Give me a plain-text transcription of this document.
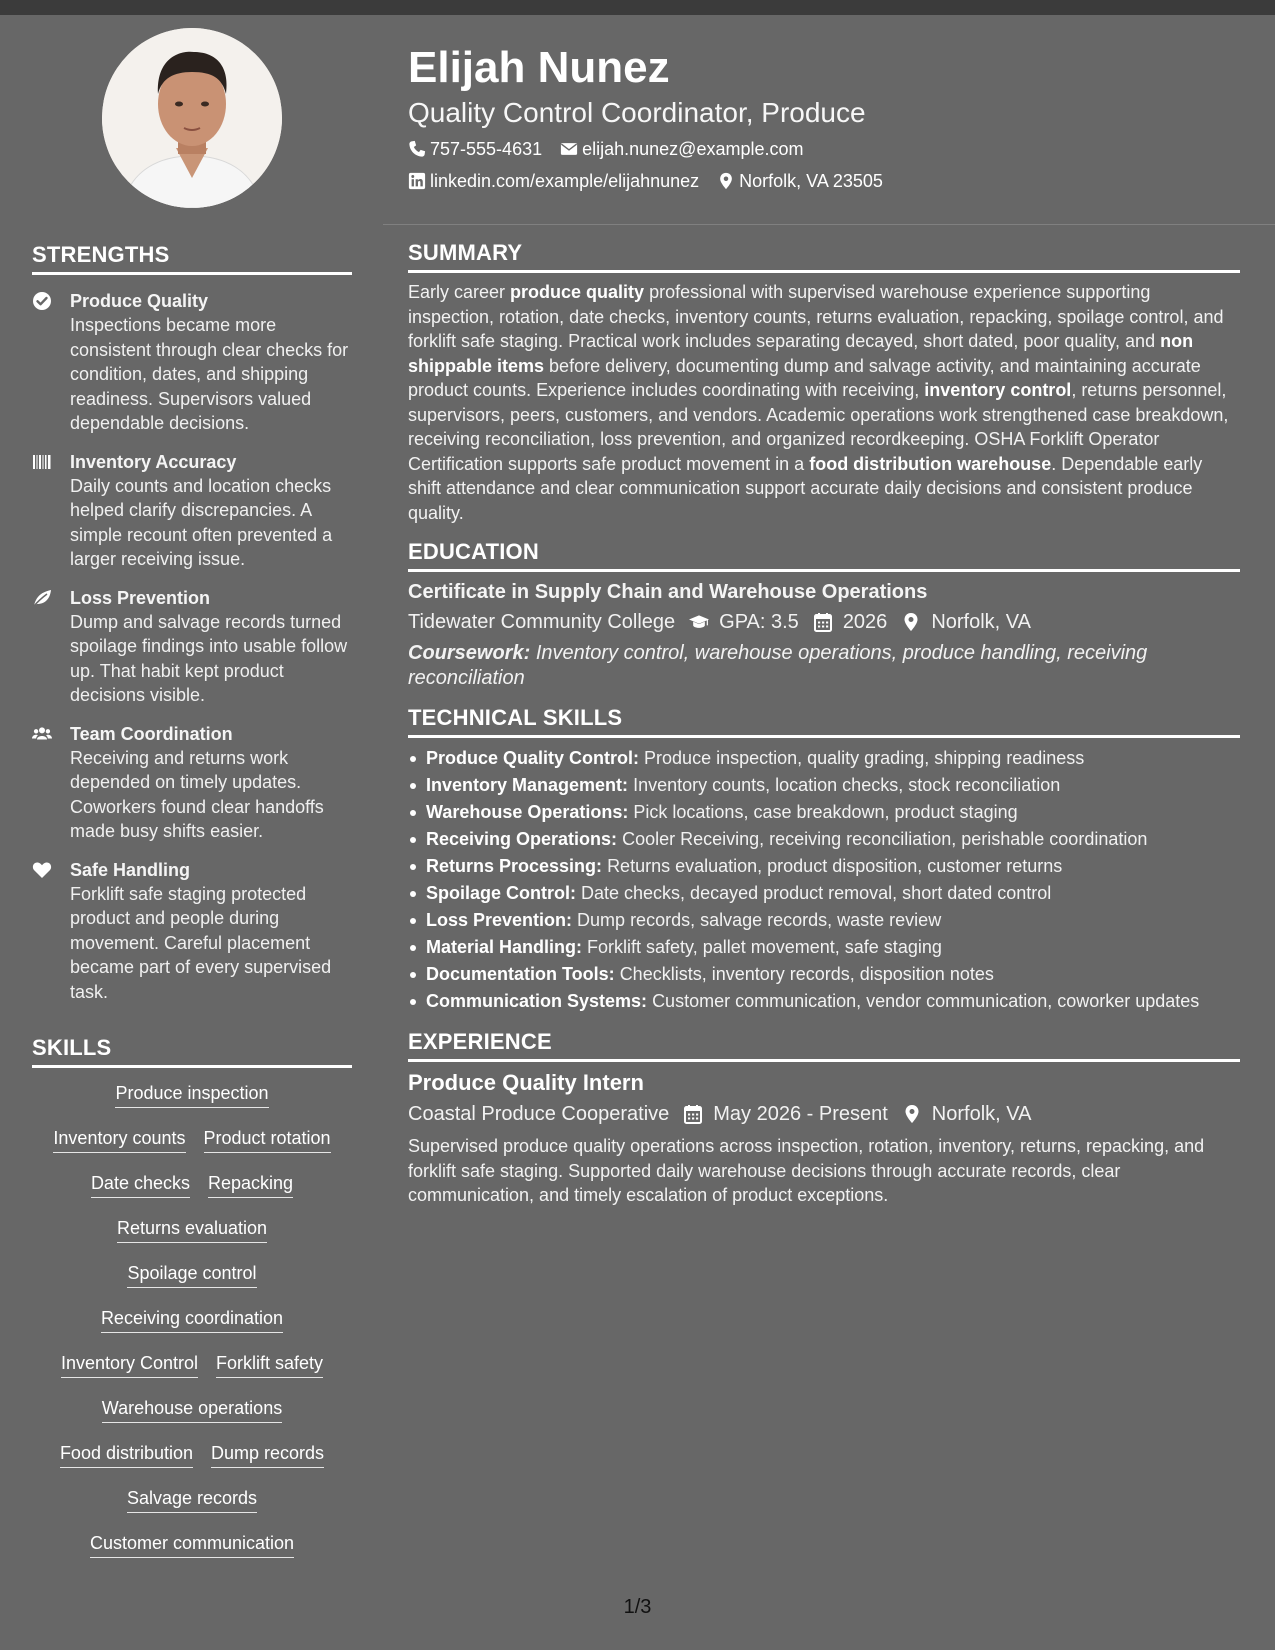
STRENGTHS
Produce Quality
Inspections became more consistent through clear checks for condition, dates, and shipping readiness. Supervisors valued dependable decisions.
Inventory Accuracy
Daily counts and location checks helped clarify discrepancies. A simple recount often prevented a larger receiving issue.
Loss Prevention
Dump and salvage records turned spoilage findings into usable follow up. That habit kept product decisions visible.
Team Coordination
Receiving and returns work depended on timely updates. Coworkers found clear handoffs made busy shifts easier.
Safe Handling
Forklift safe staging protected product and people during movement. Careful placement became part of every supervised task.
SKILLS
Produce inspection
Inventory counts Product rotation
Date checks Repacking
Returns evaluation
Spoilage control
Receiving coordination
Inventory Control Forklift safety
Warehouse operations
Food distribution Dump records
Salvage records
Customer communication
Elijah Nunez
Quality Control Coordinator, Produce
757-555-4631 elijah.nunez@example.com
linkedin.com/example/elijahnunez Norfolk, VA 23505
SUMMARY
Early career produce quality professional with supervised warehouse experience supporting inspection, rotation, date checks, inventory counts, returns evaluation, repacking, spoilage control, and forklift safe staging. Practical work includes separating decayed, short dated, poor quality, and non shippable items before delivery, documenting dump and salvage activity, and maintaining accurate product counts. Experience includes coordinating with receiving, inventory control, returns personnel, supervisors, peers, customers, and vendors. Academic operations work strengthened case breakdown, receiving reconciliation, loss prevention, and organized recordkeeping. OSHA Forklift Operator Certification supports safe product movement in a food distribution warehouse. Dependable early shift attendance and clear communication support accurate daily decisions and consistent produce quality.
EDUCATION
Certificate in Supply Chain and Warehouse Operations
Tidewater Community College GPA: 3.5 2026 Norfolk, VA
Coursework: Inventory control, warehouse operations, produce handling, receiving reconciliation
TECHNICAL SKILLS
Produce Quality Control: Produce inspection, quality grading, shipping readiness
Inventory Management: Inventory counts, location checks, stock reconciliation
Warehouse Operations: Pick locations, case breakdown, product staging
Receiving Operations: Cooler Receiving, receiving reconciliation, perishable coordination
Returns Processing: Returns evaluation, product disposition, customer returns
Spoilage Control: Date checks, decayed product removal, short dated control
Loss Prevention: Dump records, salvage records, waste review
Material Handling: Forklift safety, pallet movement, safe staging
Documentation Tools: Checklists, inventory records, disposition notes
Communication Systems: Customer communication, vendor communication, coworker updates
EXPERIENCE
Produce Quality Intern
Coastal Produce Cooperative May 2026 - Present Norfolk, VA
Supervised produce quality operations across inspection, rotation, inventory, returns, repacking, and forklift safe staging. Supported daily warehouse decisions through accurate records, clear communication, and timely escalation of product exceptions.
1/3
